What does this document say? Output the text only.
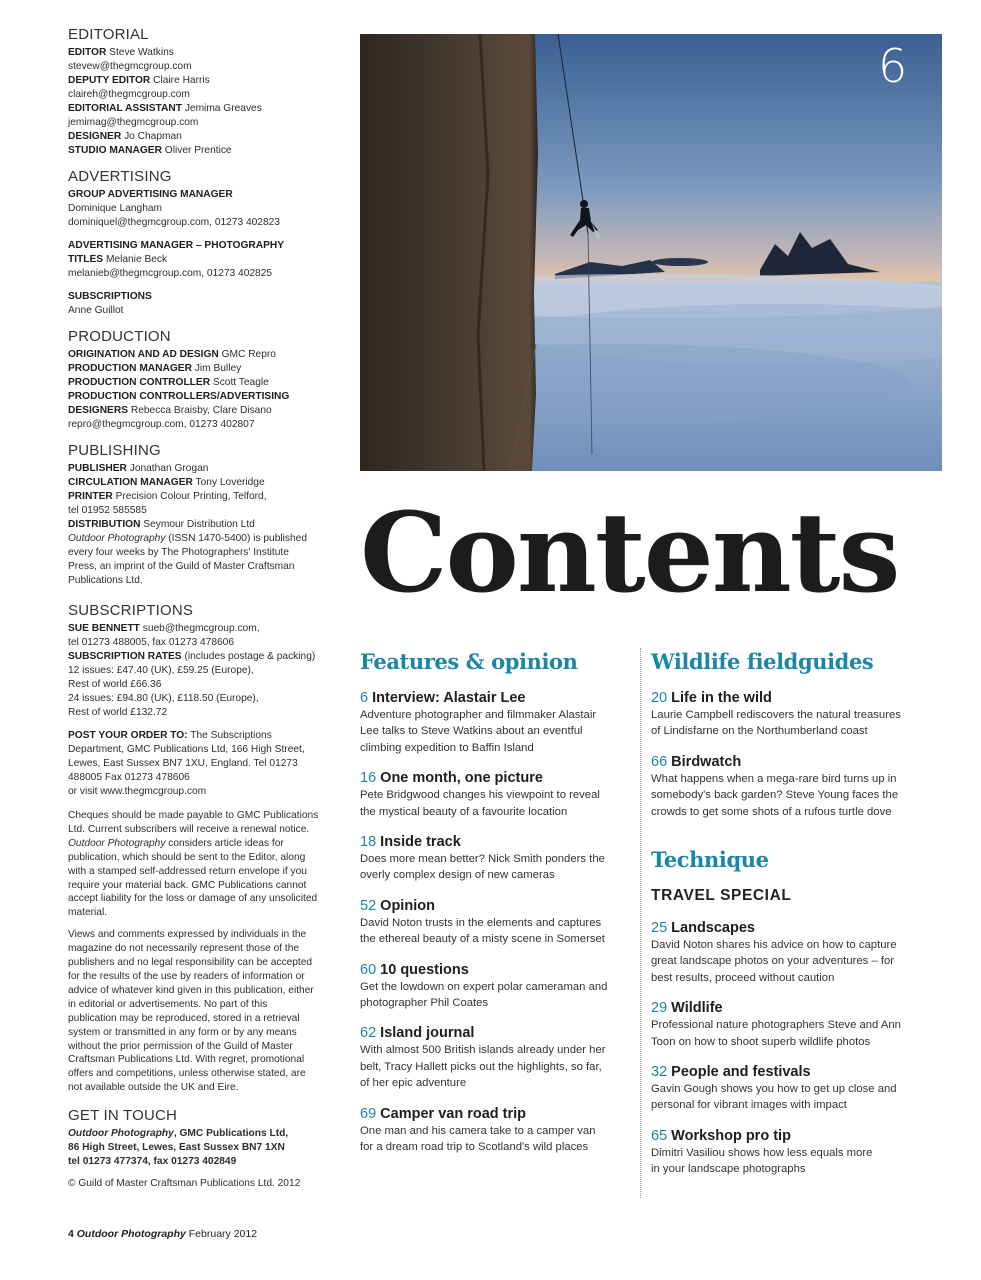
EDITORIAL
EDITOR Steve Watkins
stevew@thegmcgroup.com
DEPUTY EDITOR Claire Harris
claireh@thegmcgroup.com
EDITORIAL ASSISTANT Jemima Greaves
jemimag@thegmcgroup.com
DESIGNER Jo Chapman
STUDIO MANAGER Oliver Prentice
ADVERTISING
GROUP ADVERTISING MANAGER
Dominique Langham
dominiquel@thegmcgroup.com, 01273 402823
ADVERTISING MANAGER – PHOTOGRAPHY
TITLES Melanie Beck
melanieb@thegmcgroup.com, 01273 402825
SUBSCRIPTIONS
Anne Guillot
PRODUCTION
ORIGINATION AND AD DESIGN GMC Repro
PRODUCTION MANAGER Jim Bulley
PRODUCTION CONTROLLER Scott Teagle
PRODUCTION CONTROLLERS/ADVERTISING
DESIGNERS Rebecca Braisby, Clare Disano
repro@thegmcgroup.com, 01273 402807
PUBLISHING
PUBLISHER Jonathan Grogan
CIRCULATION MANAGER Tony Loveridge
PRINTER Precision Colour Printing, Telford,
tel 01952 585585
DISTRIBUTION Seymour Distribution Ltd
Outdoor Photography (ISSN 1470-5400) is published
every four weeks by The Photographers' Institute
Press, an imprint of the Guild of Master Craftsman
Publications Ltd.
SUBSCRIPTIONS
SUE BENNETT sueb@thegmcgroup.com,
tel 01273 488005, fax 01273 478606
SUBSCRIPTION RATES (includes postage & packing)
12 issues: £47.40 (UK), £59.25 (Europe),
Rest of world £66.36
24 issues: £94.80 (UK), £118.50 (Europe),
Rest of world £132.72
POST YOUR ORDER TO: The Subscriptions
Department, GMC Publications Ltd, 166 High Street,
Lewes, East Sussex BN7 1XU, England. Tel 01273
488005 Fax 01273 478606
or visit www.thegmcgroup.com
Cheques should be made payable to GMC Publications
Ltd. Current subscribers will receive a renewal notice.
Outdoor Photography considers article ideas for
publication, which should be sent to the Editor, along
with a stamped self-addressed return envelope if you
require your material back. GMC Publications cannot
accept liability for the loss or damage of any unsolicited
material.
Views and comments expressed by individuals in the
magazine do not necessarily represent those of the
publishers and no legal responsibility can be accepted
for the results of the use by readers of information or
advice of whatever kind given in this publication, either
in editorial or advertisements. No part of this
publication may be reproduced, stored in a retrieval
system or transmitted in any form or by any means
without the prior permission of the Guild of Master
Craftsman Publications Ltd. With regret, promotional
offers and competitions, unless otherwise stated, are
not available outside the UK and Eire.
GET IN TOUCH
Outdoor Photography, GMC Publications Ltd,
86 High Street, Lewes, East Sussex BN7 1XN
tel 01273 477374, fax 01273 402849
© Guild of Master Craftsman Publications Ltd. 2012
6
Contents
Features & opinion
6 Interview: Alastair Lee
Adventure photographer and filmmaker Alastair
Lee talks to Steve Watkins about an eventful
climbing expedition to Baffin Island
16 One month, one picture
Pete Bridgwood changes his viewpoint to reveal
the mystical beauty of a favourite location
18 Inside track
Does more mean better? Nick Smith ponders the
overly complex design of new cameras
52 Opinion
David Noton trusts in the elements and captures
the ethereal beauty of a misty scene in Somerset
60 10 questions
Get the lowdown on expert polar cameraman and
photographer Phil Coates
62 Island journal
With almost 500 British islands already under her
belt, Tracy Hallett picks out the highlights, so far,
of her epic adventure
69 Camper van road trip
One man and his camera take to a camper van
for a dream road trip to Scotland's wild places
Wildlife fieldguides
20 Life in the wild
Laurie Campbell rediscovers the natural treasures
of Lindisfarne on the Northumberland coast
66 Birdwatch
What happens when a mega-rare bird turns up in
somebody's back garden? Steve Young faces the
crowds to get some shots of a rufous turtle dove
Technique
TRAVEL SPECIAL
25 Landscapes
David Noton shares his advice on how to capture
great landscape photos on your adventures – for
best results, proceed without caution
29 Wildlife
Professional nature photographers Steve and Ann
Toon on how to shoot superb wildlife photos
32 People and festivals
Gavin Gough shows you how to get up close and
personal for vibrant images with impact
65 Workshop pro tip
Dimitri Vasiliou shows how less equals more
in your landscape photographs
4 Outdoor Photography February 2012
